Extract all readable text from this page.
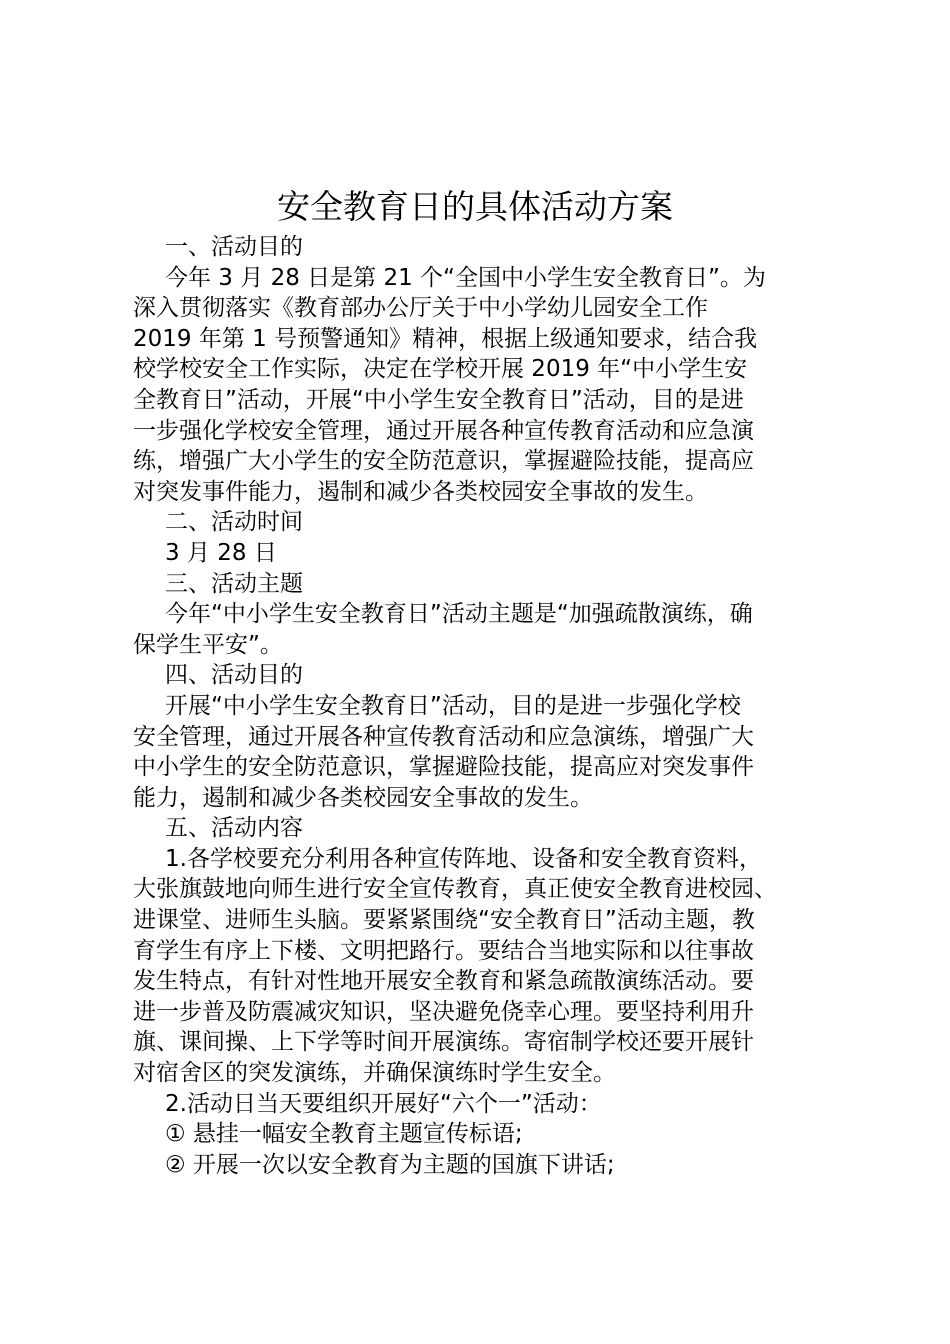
安全教育日的具体活动方案
一、活动目的
今年 3 月 28 日是第 21 个“全国中小学生安全教育日”。为
深入贯彻落实《教育部办公厅关于中小学幼儿园安全工作
2019 年第 1 号预警通知》精神，根据上级通知要求，结合我
校学校安全工作实际，决定在学校开展 2019 年“中小学生安
全教育日”活动，开展“中小学生安全教育日”活动，目的是进
一步强化学校安全管理，通过开展各种宣传教育活动和应急演
练，增强广大小学生的安全防范意识，掌握避险技能，提高应
对突发事件能力，遏制和减少各类校园安全事故的发生。
二、活动时间
3 月 28 日
三、活动主题
今年“中小学生安全教育日”活动主题是“加强疏散演练，确
保学生平安”。
四、活动目的
开展“中小学生安全教育日”活动，目的是进一步强化学校
安全管理，通过开展各种宣传教育活动和应急演练，增强广大
中小学生的安全防范意识，掌握避险技能，提高应对突发事件
能力，遏制和减少各类校园安全事故的发生。
五、活动内容
1.各学校要充分利用各种宣传阵地、设备和安全教育资料，
大张旗鼓地向师生进行安全宣传教育，真正使安全教育进校园、
进课堂、进师生头脑。要紧紧围绕“安全教育日”活动主题，教
育学生有序上下楼、文明把路行。要结合当地实际和以往事故
发生特点，有针对性地开展安全教育和紧急疏散演练活动。要
进一步普及防震减灾知识，坚决避免侥幸心理。要坚持利用升
旗、课间操、上下学等时间开展演练。寄宿制学校还要开展针
对宿舍区的突发演练，并确保演练时学生安全。
2.活动日当天要组织开展好“六个一”活动：
① 悬挂一幅安全教育主题宣传标语;
② 开展一次以安全教育为主题的国旗下讲话;
